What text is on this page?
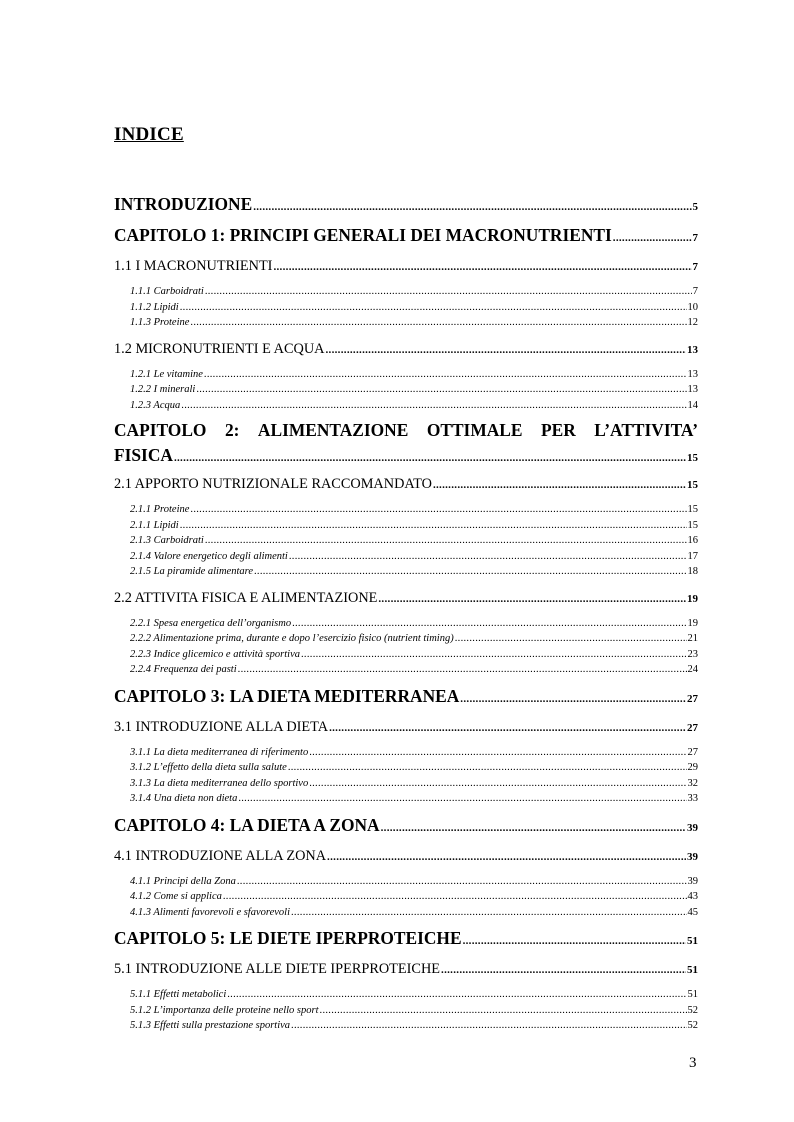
INDICE
INTRODUZIONE .....	5
CAPITOLO 1: PRINCIPI GENERALI DEI MACRONUTRIENTI .....	7
1.1 I MACRONUTRIENTI .....	7
1.1.1 Carboidrati .....	7
1.1.2 Lipidi .....	10
1.1.3 Proteine .....	12
1.2 MICRONUTRIENTI E ACQUA .....	13
1.2.1 Le vitamine .....	13
1.2.2 I minerali .....	13
1.2.3 Acqua .....	14
CAPITOLO 2: ALIMENTAZIONE OTTIMALE PER L’ATTIVITA’
FISICA .....	15
2.1 APPORTO NUTRIZIONALE RACCOMANDATO .....	15
2.1.1 Proteine .....	15
2.1.1 Lipidi .....	15
2.1.3 Carboidrati .....	16
2.1.4 Valore energetico degli alimenti .....	17
2.1.5 La piramide alimentare .....	18
2.2 ATTIVITA FISICA E ALIMENTAZIONE .....	19
2.2.1 Spesa energetica dell’organismo .....	19
2.2.2 Alimentazione prima, durante e dopo l’esercizio fisico (nutrient timing) .....	21
2.2.3 Indice glicemico e attività sportiva .....	23
2.2.4 Frequenza dei pasti .....	24
CAPITOLO 3: LA DIETA MEDITERRANEA .....	27
3.1 INTRODUZIONE ALLA DIETA .....	27
3.1.1 La dieta mediterranea di riferimento .....	27
3.1.2 L’effetto della dieta sulla salute .....	29
3.1.3 La dieta mediterranea dello sportivo .....	32
3.1.4 Una dieta non dieta .....	33
CAPITOLO 4: LA DIETA A ZONA .....	39
4.1 INTRODUZIONE ALLA ZONA .....	39
4.1.1 Principi della Zona .....	39
4.1.2 Come si applica .....	43
4.1.3 Alimenti favorevoli e sfavorevoli .....	45
CAPITOLO 5: LE DIETE IPERPROTEICHE .....	51
5.1 INTRODUZIONE ALLE DIETE IPERPROTEICHE .....	51
5.1.1 Effetti metabolici .....	51
5.1.2 L’importanza delle proteine nello sport .....	52
5.1.3 Effetti sulla prestazione sportiva .....	52
3
